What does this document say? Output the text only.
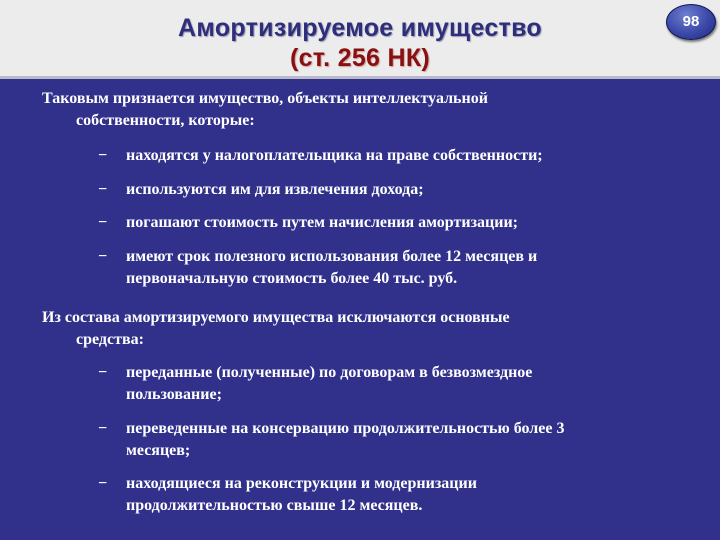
Амортизируемое имущество
(ст. 256 НК)
98
Таковым признается имущество, объекты интеллектуальной
собственности, которые:
− находятся у налогоплательщика на праве собственности;
− используются им для извлечения дохода;
− погашают стоимость путем начисления амортизации;
− имеют срок полезного использования более 12 месяцев и
первоначальную стоимость более 40 тыс. руб.
Из состава амортизируемого имущества исключаются основные
средства:
− переданные (полученные) по договорам в безвозмездное
пользование;
− переведенные на консервацию продолжительностью более 3
месяцев;
− находящиеся на реконструкции и модернизации
продолжительностью свыше 12 месяцев.
